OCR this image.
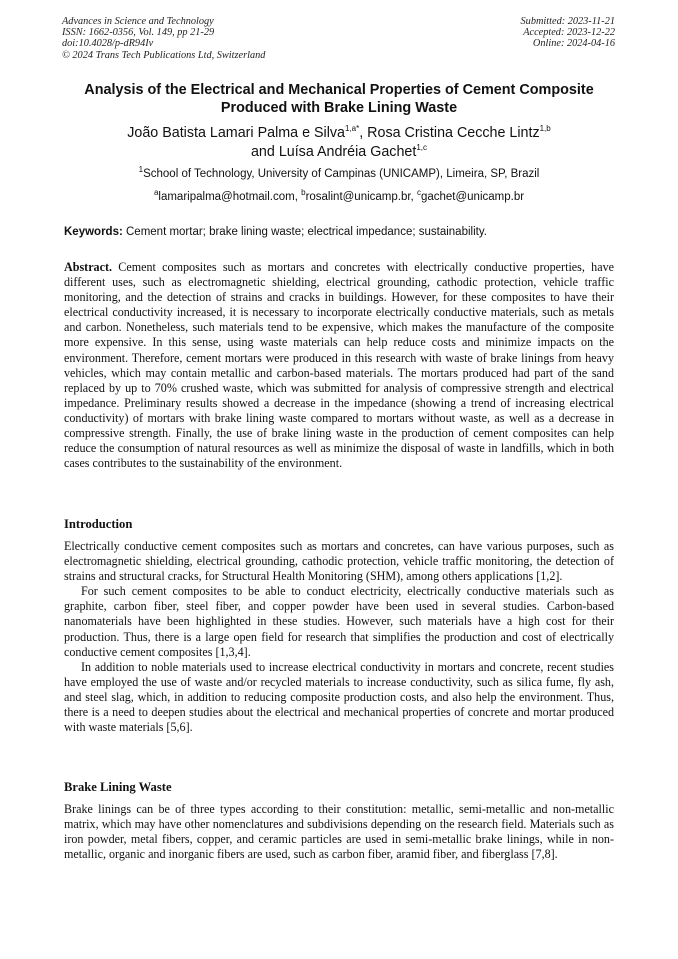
Advances in Science and Technology
ISSN: 1662-0356, Vol. 149, pp 21-29
doi:10.4028/p-dR94Iv
© 2024 Trans Tech Publications Ltd, Switzerland
Submitted: 2023-11-21
Accepted: 2023-12-22
Online: 2024-04-16
Analysis of the Electrical and Mechanical Properties of Cement Composite Produced with Brake Lining Waste
João Batista Lamari Palma e Silva$^{1,a*}$, Rosa Cristina Cecche Lintz$^{1,b}$
and Luísa Andréia Gachet$^{1,c}$
$^1$School of Technology, University of Campinas (UNICAMP), Limeira, SP, Brazil
$^a$lamaripalma@hotmail.com, $^b$rosalint@unicamp.br, $^c$gachet@unicamp.br
Keywords: Cement mortar; brake lining waste; electrical impedance; sustainability.

Abstract. Cement composites such as mortars and concretes with electrically conductive properties, have different uses, such as electromagnetic shielding, electrical grounding, cathodic protection, vehicle traffic monitoring, and the detection of strains and cracks in buildings. However, for these composites to have their electrical conductivity increased, it is necessary to incorporate electrically conductive materials, such as metals and carbon. Nonetheless, such materials tend to be expensive, which makes the manufacture of the composite more expensive. In this sense, using waste materials can help reduce costs and minimize impacts on the environment. Therefore, cement mortars were produced in this research with waste of brake linings from heavy vehicles, which may contain metallic and carbon-based materials. The mortars produced had part of the sand replaced by up to 70% crushed waste, which was submitted for analysis of compressive strength and electrical impedance. Preliminary results showed a decrease in the impedance (showing a trend of increasing electrical conductivity) of mortars with brake lining waste compared to mortars without waste, as well as a decrease in compressive strength. Finally, the use of brake lining waste in the production of cement composites can help reduce the consumption of natural resources as well as minimize the disposal of waste in landfills, which in both cases contributes to the sustainability of the environment.

Introduction

Electrically conductive cement composites such as mortars and concretes, can have various purposes, such as electromagnetic shielding, electrical grounding, cathodic protection, vehicle traffic monitoring, the detection of strains and structural cracks, for Structural Health Monitoring (SHM), among others applications [1,2].

For such cement composites to be able to conduct electricity, electrically conductive materials such as graphite, carbon fiber, steel fiber, and copper powder have been used in several studies. Carbon-based nanomaterials have been highlighted in these studies. However, such materials have a high cost for their production. Thus, there is a large open field for research that simplifies the production and cost of electrically conductive cement composites [1,3,4].

In addition to noble materials used to increase electrical conductivity in mortars and concrete, recent studies have employed the use of waste and/or recycled materials to increase conductivity, such as silica fume, fly ash, and steel slag, which, in addition to reducing composite production costs, and also help the environment. Thus, there is a need to deepen studies about the electrical and mechanical properties of concrete and mortar produced with waste materials [5,6].

Brake Lining Waste

Brake linings can be of three types according to their constitution: metallic, semi-metallic and non-metallic matrix, which may have other nomenclatures and subdivisions depending on the research field. Materials such as iron powder, metal fibers, copper, and ceramic particles are used in semi-metallic brake linings, while in non-metallic, organic and inorganic fibers are used, such as carbon fiber, aramid fiber, and fiberglass [7,8].
